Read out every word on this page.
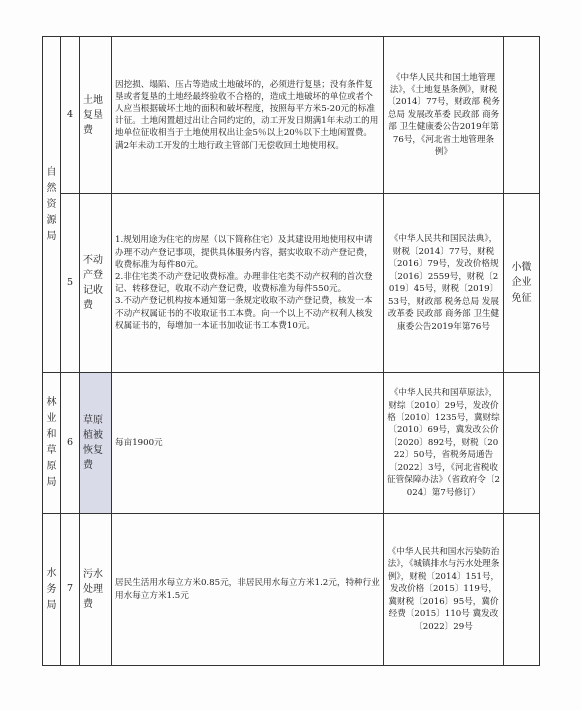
自然资源局	4	土地复垦费	因挖损、塌陷、压占等造成土地破坏的，必须进行复垦；没有条件复垦或者复垦的土地经最终验收不合格的，造成土地破坏的单位或者个人应当根据破坏土地的面积和破坏程度，按照每平方米5-20元的标准计征。土地闲置超过出让合同约定的，动工开发日期满1年未动工的用地单位征收相当于土地使用权出让金5％以上20％以下土地闲置费。满2年未动工开发的土地行政主管部门无偿收回土地使用权。	《中华人民共和国土地管理法》，《土地复垦条例》，财税〔2014〕77号，财政部 税务总局 发展改革委 民政部 商务部 卫生健康委公告2019年第76号，《河北省土地管理条例》	
	5	不动产登记收费	1.规划用途为住宅的房屋（以下简称住宅）及其建设用地使用权申请办理不动产登记事项，提供具体服务内容，据实收取不动产登记费，收费标准为每件80元。
2.非住宅类不动产登记收费标准。办理非住宅类不动产权利的首次登记、转移登记，收取不动产登记费，收费标准为每件550元。
3.不动产登记机构按本通知第一条规定收取不动产登记费，核发一本不动产权属证书的不收取证书工本费。向一个以上不动产权利人核发权属证书的，每增加一本证书加收证书工本费10元。	《中华人民共和国民法典》，财税〔2014〕77号，财税〔2016〕79号，发改价格规〔2016〕2559号，财税〔2019〕45号，财税〔2019〕53号，财政部 税务总局 发展改革委 民政部 商务部 卫生健康委公告2019年第76号	小微企业免征
林业和草原局	6	草原植被恢复费	每亩1900元	《中华人民共和国草原法》，财综〔2010〕29号，发改价格〔2010〕1235号，冀财综〔2010〕69号，冀发改公价〔2020〕892号，财税〔2022〕50号，省税务局通告〔2022〕3号，《河北省税收征管保障办法》（省政府令〔2024〕第7号修订）	
水务局	7	污水处理费	居民生活用水每立方米0.85元，非居民用水每立方米1.2元，特种行业用水每立方米1.5元	《中华人民共和国水污染防治法》，《城镇排水与污水处理条例》，财税〔2014〕151号，发改价格〔2015〕119号，冀财税〔2016〕95号，冀价经费〔2015〕110号 冀发改〔2022〕29号	
